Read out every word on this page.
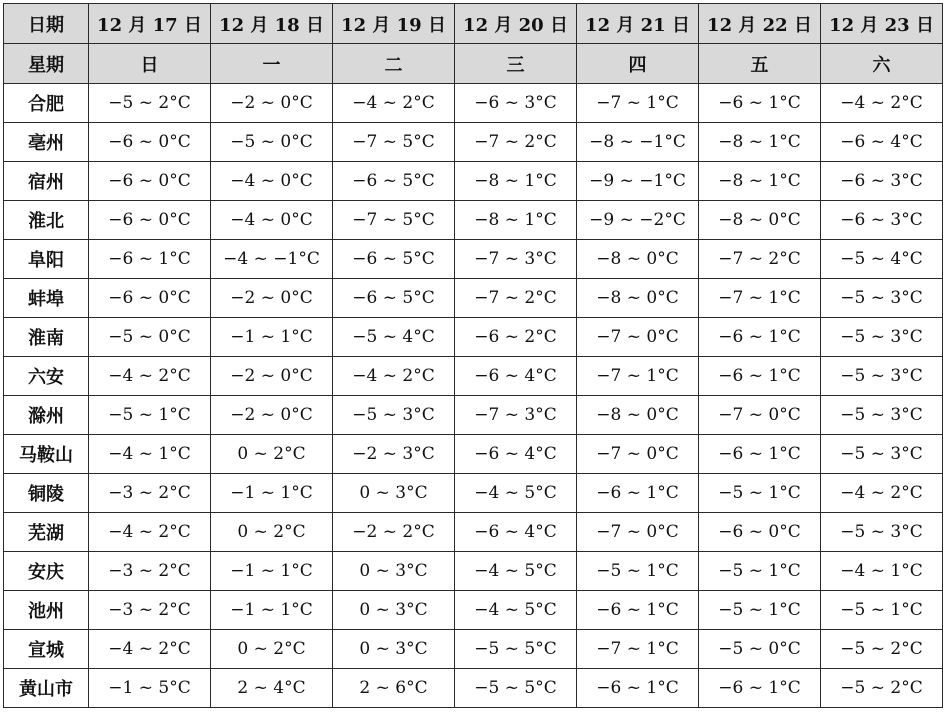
日期	12 月 17 日	12 月 18 日	12 月 19 日	12 月 20 日	12 月 21 日	12 月 22 日	12 月 23 日
星期	日	一	二	三	四	五	六
合肥	−5 ~ 2°C	−2 ~ 0°C	−4 ~ 2°C	−6 ~ 3°C	−7 ~ 1°C	−6 ~ 1°C	−4 ~ 2°C
亳州	−6 ~ 0°C	−5 ~ 0°C	−7 ~ 5°C	−7 ~ 2°C	−8 ~ −1°C	−8 ~ 1°C	−6 ~ 4°C
宿州	−6 ~ 0°C	−4 ~ 0°C	−6 ~ 5°C	−8 ~ 1°C	−9 ~ −1°C	−8 ~ 1°C	−6 ~ 3°C
淮北	−6 ~ 0°C	−4 ~ 0°C	−7 ~ 5°C	−8 ~ 1°C	−9 ~ −2°C	−8 ~ 0°C	−6 ~ 3°C
阜阳	−6 ~ 1°C	−4 ~ −1°C	−6 ~ 5°C	−7 ~ 3°C	−8 ~ 0°C	−7 ~ 2°C	−5 ~ 4°C
蚌埠	−6 ~ 0°C	−2 ~ 0°C	−6 ~ 5°C	−7 ~ 2°C	−8 ~ 0°C	−7 ~ 1°C	−5 ~ 3°C
淮南	−5 ~ 0°C	−1 ~ 1°C	−5 ~ 4°C	−6 ~ 2°C	−7 ~ 0°C	−6 ~ 1°C	−5 ~ 3°C
六安	−4 ~ 2°C	−2 ~ 0°C	−4 ~ 2°C	−6 ~ 4°C	−7 ~ 1°C	−6 ~ 1°C	−5 ~ 3°C
滁州	−5 ~ 1°C	−2 ~ 0°C	−5 ~ 3°C	−7 ~ 3°C	−8 ~ 0°C	−7 ~ 0°C	−5 ~ 3°C
马鞍山	−4 ~ 1°C	0 ~ 2°C	−2 ~ 3°C	−6 ~ 4°C	−7 ~ 0°C	−6 ~ 1°C	−5 ~ 3°C
铜陵	−3 ~ 2°C	−1 ~ 1°C	0 ~ 3°C	−4 ~ 5°C	−6 ~ 1°C	−5 ~ 1°C	−4 ~ 2°C
芜湖	−4 ~ 2°C	0 ~ 2°C	−2 ~ 2°C	−6 ~ 4°C	−7 ~ 0°C	−6 ~ 0°C	−5 ~ 3°C
安庆	−3 ~ 2°C	−1 ~ 1°C	0 ~ 3°C	−4 ~ 5°C	−5 ~ 1°C	−5 ~ 1°C	−4 ~ 1°C
池州	−3 ~ 2°C	−1 ~ 1°C	0 ~ 3°C	−4 ~ 5°C	−6 ~ 1°C	−5 ~ 1°C	−5 ~ 1°C
宣城	−4 ~ 2°C	0 ~ 2°C	0 ~ 3°C	−5 ~ 5°C	−7 ~ 1°C	−5 ~ 0°C	−5 ~ 2°C
黄山市	−1 ~ 5°C	2 ~ 4°C	2 ~ 6°C	−5 ~ 5°C	−6 ~ 1°C	−6 ~ 1°C	−5 ~ 2°C
